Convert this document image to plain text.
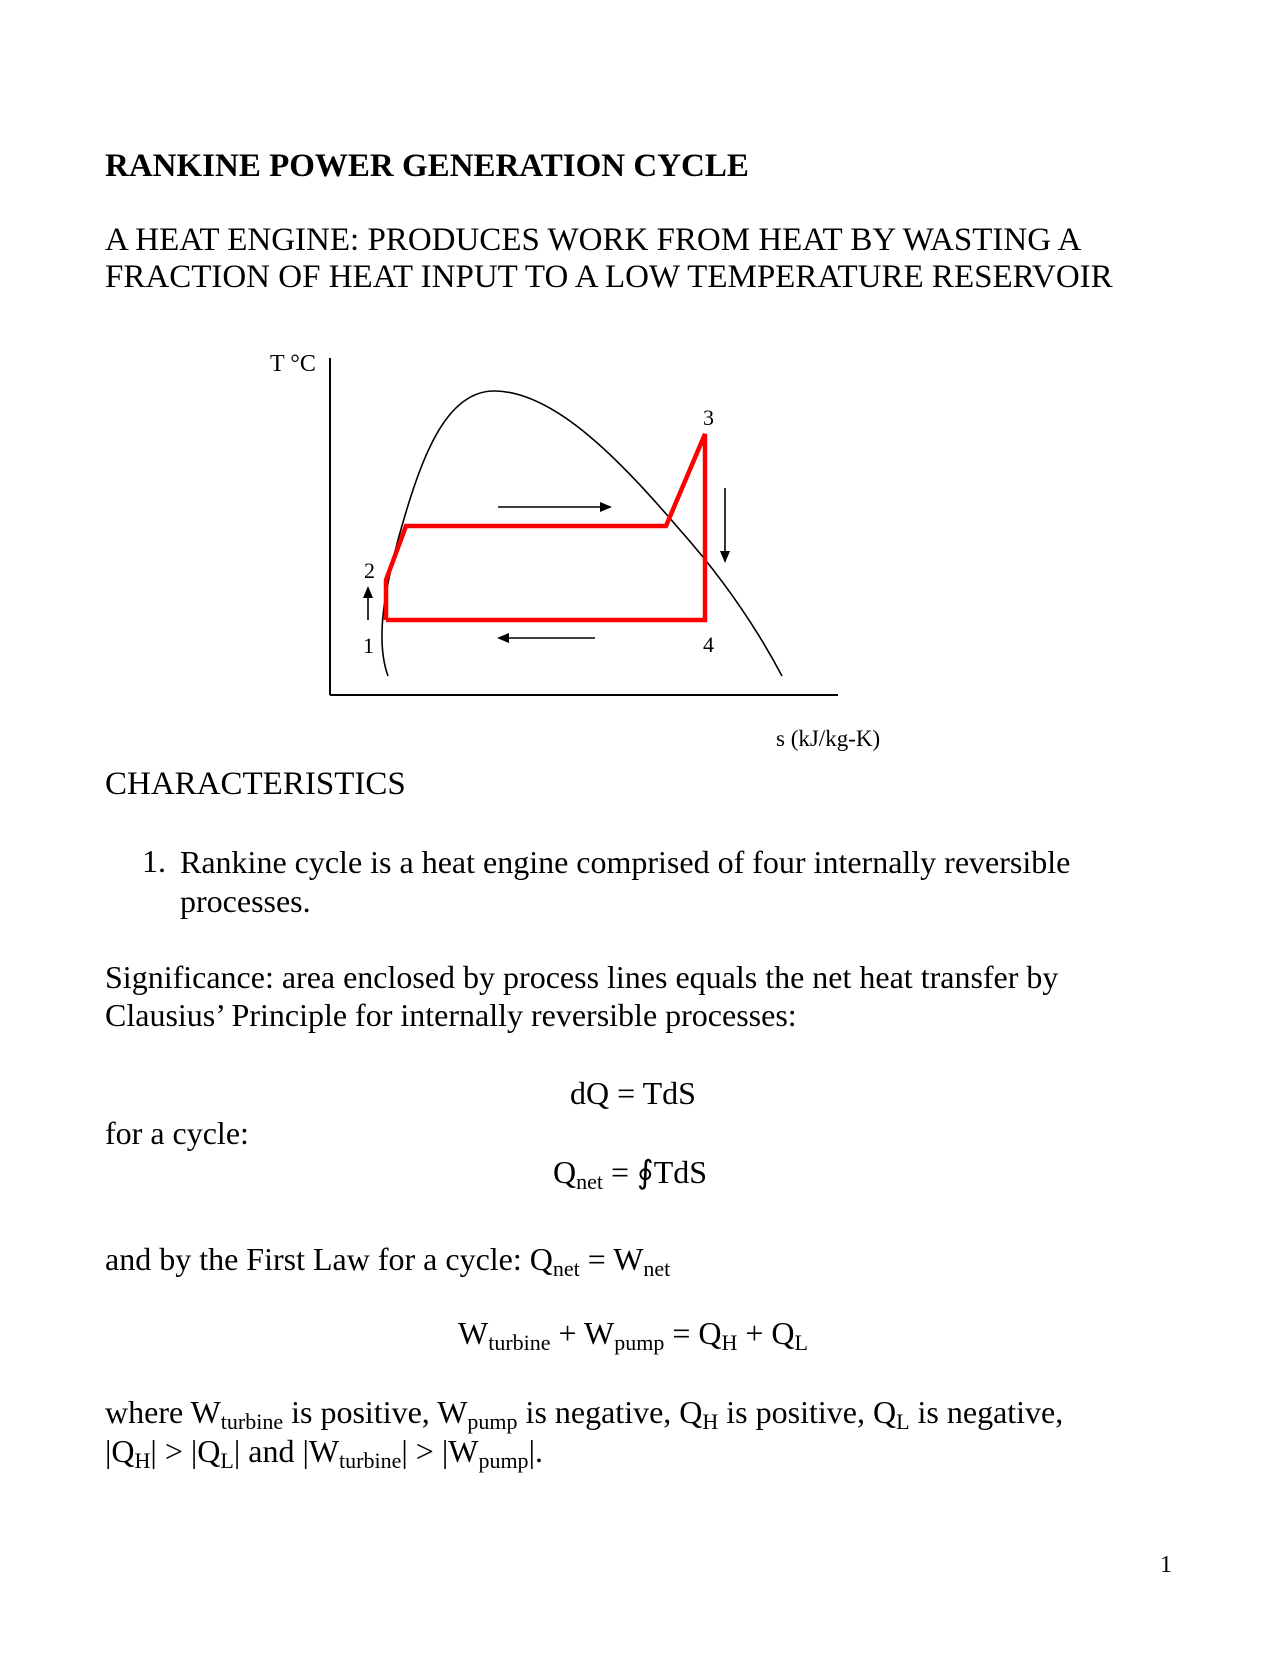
RANKINE POWER GENERATION CYCLE
A HEAT ENGINE: PRODUCES WORK FROM HEAT BY WASTING A
FRACTION OF HEAT INPUT TO A LOW TEMPERATURE RESERVOIR
T °C
s (kJ/kg-K)
2
1
3
4
CHARACTERISTICS
1. Rankine cycle is a heat engine comprised of four internally reversible
processes.
Significance: area enclosed by process lines equals the net heat transfer by
Clausius’ Principle for internally reversible processes:
dQ = TdS
for a cycle:
$Q_{net}$ = ∮TdS
and by the First Law for a cycle: $Q_{net} = W_{net}$
$W_{turbine} + W_{pump} = Q_H + Q_L$
where $W_{turbine}$ is positive, $W_{pump}$ is negative, $Q_H$ is positive, $Q_L$ is negative,
$|Q_H| > |Q_L|$ and $|W_{turbine}| > |W_{pump}|$.
1
